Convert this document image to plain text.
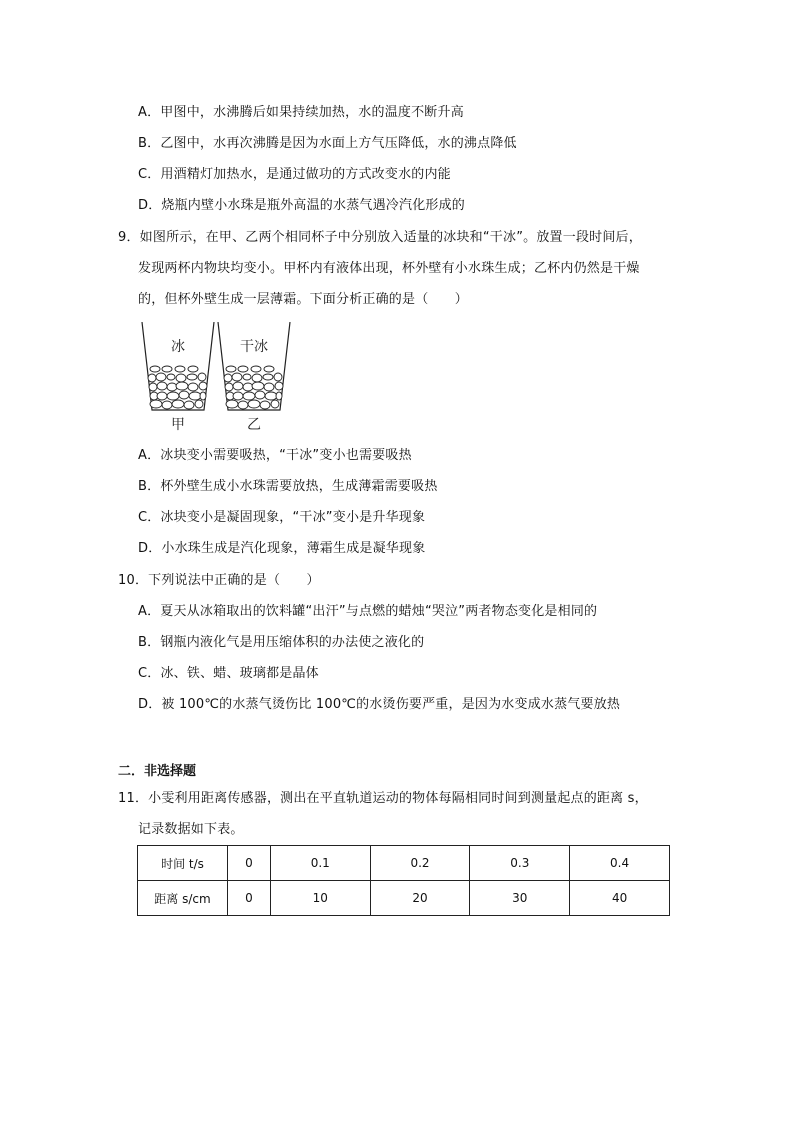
A．甲图中，水沸腾后如果持续加热，水的温度不断升高
B．乙图中，水再次沸腾是因为水面上方气压降低，水的沸点降低
C．用酒精灯加热水，是通过做功的方式改变水的内能
D．烧瓶内壁小水珠是瓶外高温的水蒸气遇冷汽化形成的
9．如图所示，在甲、乙两个相同杯子中分别放入适量的冰块和“干冰”。放置一段时间后，
发现两杯内物块均变小。甲杯内有液体出现，杯外壁有小水珠生成；乙杯内仍然是干燥
的，但杯外壁生成一层薄霜。下面分析正确的是（　　）
冰
甲
干冰
乙
A．冰块变小需要吸热，“干冰”变小也需要吸热
B．杯外壁生成小水珠需要放热，生成薄霜需要吸热
C．冰块变小是凝固现象，“干冰”变小是升华现象
D．小水珠生成是汽化现象，薄霜生成是凝华现象
10．下列说法中正确的是（　　）
A．夏天从冰箱取出的饮料罐“出汗”与点燃的蜡烛“哭泣”两者物态变化是相同的
B．钢瓶内液化气是用压缩体积的办法使之液化的
C．冰、铁、蜡、玻璃都是晶体
D．被 100℃的水蒸气烫伤比 100℃的水烫伤要严重，是因为水变成水蒸气要放热
二．非选择题
11．小雯利用距离传感器，测出在平直轨道运动的物体每隔相同时间到测量起点的距离 s，
记录数据如下表。
时间 t/s	0	0.1	0.2	0.3	0.4
距离 s/cm	0	10	20	30	40
